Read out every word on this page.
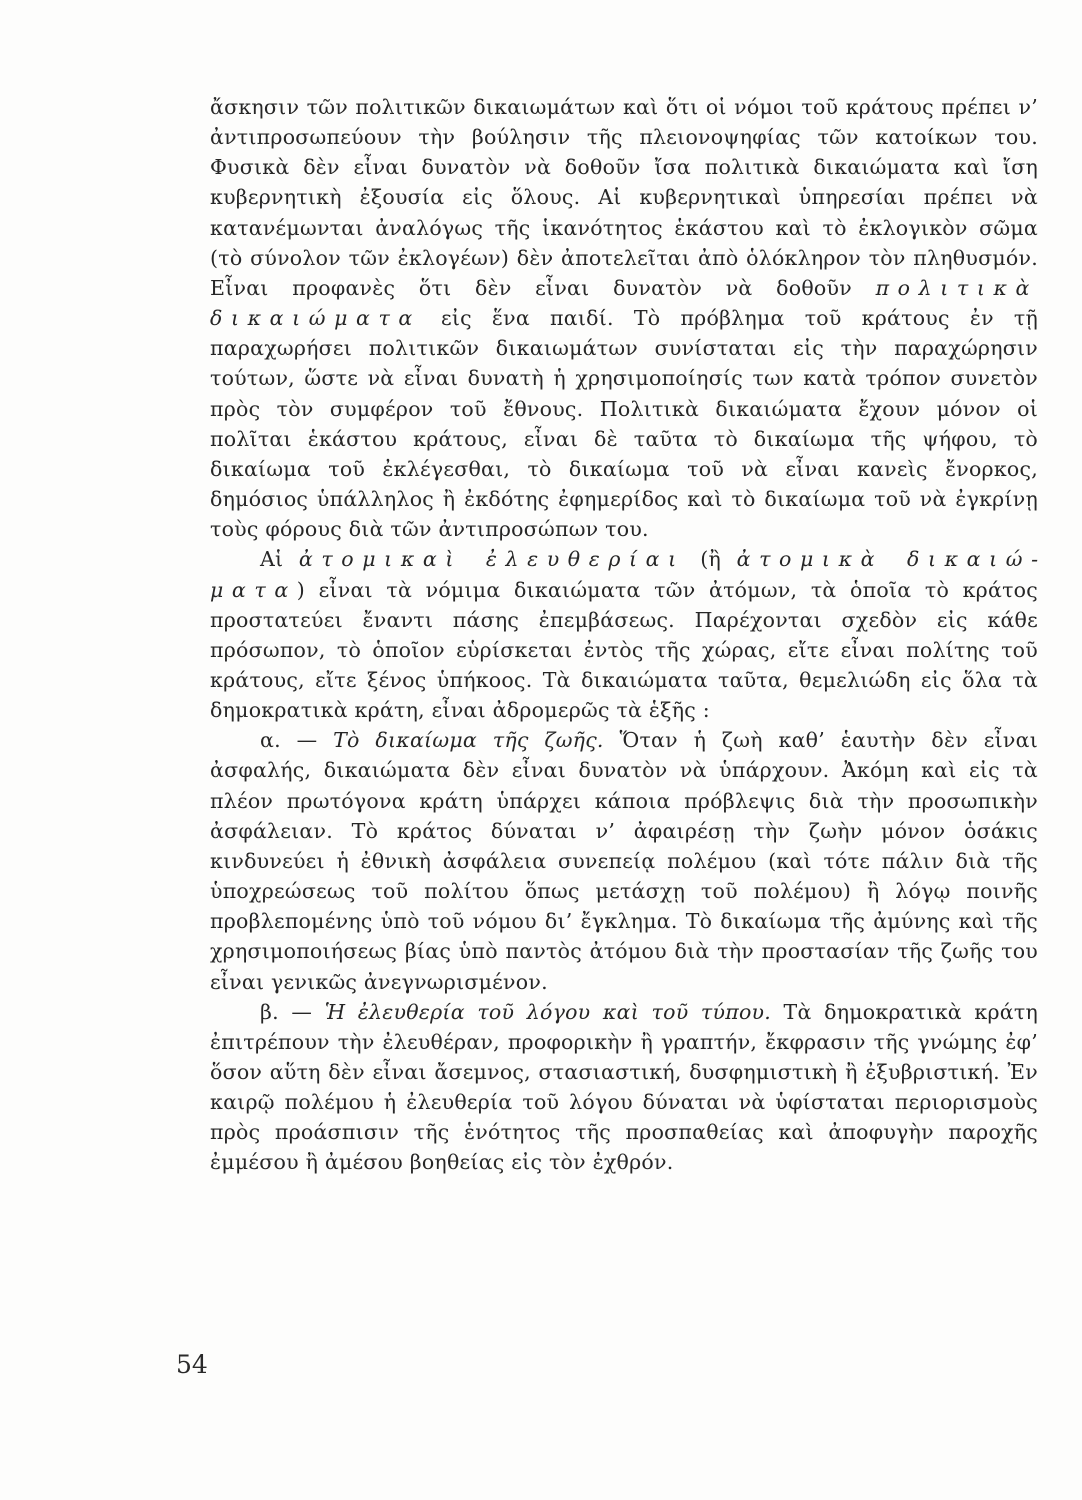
ἄσκησιν τῶν πολιτικῶν δικαιωμάτων καὶ ὅτι οἱ νόμοι τοῦ κράτους πρέπει ν’ ἀντιπροσωπεύουν τὴν βούλησιν τῆς πλειονοψηφίας τῶν κατοίκων του. Φυσικὰ δὲν εἶναι δυνατὸν νὰ δοθοῦν ἴσα πολιτικὰ δικαιώματα καὶ ἴση κυβερνητικὴ ἐξουσία εἰς ὅλους. Αἱ κυβερνητικαὶ ὑπηρεσίαι πρέπει νὰ κατανέμωνται ἀναλόγως τῆς ἱκανότητος ἑκάστου καὶ τὸ ἐκλογικὸν σῶμα (τὸ σύνολον τῶν ἐκλογέων) δὲν ἀποτελεῖται ἀπὸ ὁλόκληρον τὸν πληθυσμόν. Εἶναι προφανὲς ὅτι δὲν εἶναι δυνατὸν νὰ δοθοῦν πολιτικὰ δικαιώματα εἰς ἕνα παιδί. Τὸ πρόβλημα τοῦ κράτους ἐν τῇ παραχωρήσει πολιτικῶν δικαιωμάτων συνίσταται εἰς τὴν παραχώρησιν τούτων, ὥστε νὰ εἶναι δυνατὴ ἡ χρησιμοποίησίς των κατὰ τρόπον συνετὸν πρὸς τὸν συμφέρον τοῦ ἔθνους. Πολιτικὰ δικαιώματα ἔχουν μόνον οἱ πολῖται ἑκάστου κράτους, εἶναι δὲ ταῦτα τὸ δικαίωμα τῆς ψήφου, τὸ δικαίωμα τοῦ ἐκλέγεσθαι, τὸ δικαίωμα τοῦ νὰ εἶναι κανεὶς ἔνορκος, δημόσιος ὑπάλληλος ἢ ἐκδότης ἐφημερίδος καὶ τὸ δικαίωμα τοῦ νὰ ἐγκρίνῃ τοὺς φόρους διὰ τῶν ἀντιπροσώπων του.

Αἱ ἀτομικαὶ ἐλευθερίαι (ἢ ἀτομικὰ δικαιώματα) εἶναι τὰ νόμιμα δικαιώματα τῶν ἀτόμων, τὰ ὁποῖα τὸ κράτος προστατεύει ἔναντι πάσης ἐπεμβάσεως. Παρέχονται σχεδὸν εἰς κάθε πρόσωπον, τὸ ὁποῖον εὑρίσκεται ἐντὸς τῆς χώρας, εἴτε εἶναι πολίτης τοῦ κράτους, εἴτε ξένος ὑπήκοος. Τὰ δικαιώματα ταῦτα, θεμελιώδη εἰς ὅλα τὰ δημοκρατικὰ κράτη, εἶναι ἀδρομερῶς τὰ ἑξῆς :

α. — Τὸ δικαίωμα τῆς ζωῆς. Ὅταν ἡ ζωὴ καθ’ ἑαυτὴν δὲν εἶναι ἀσφαλής, δικαιώματα δὲν εἶναι δυνατὸν νὰ ὑπάρχουν. Ἀκόμη καὶ εἰς τὰ πλέον πρωτόγονα κράτη ὑπάρχει κάποια πρόβλεψις διὰ τὴν προσωπικὴν ἀσφάλειαν. Τὸ κράτος δύναται ν’ ἀφαιρέσῃ τὴν ζωὴν μόνον ὁσάκις κινδυνεύει ἡ ἐθνικὴ ἀσφάλεια συνεπείᾳ πολέμου (καὶ τότε πάλιν διὰ τῆς ὑποχρεώσεως τοῦ πολίτου ὅπως μετάσχῃ τοῦ πολέμου) ἢ λόγῳ ποινῆς προβλεπομένης ὑπὸ τοῦ νόμου δι’ ἔγκλημα. Τὸ δικαίωμα τῆς ἀμύνης καὶ τῆς χρησιμοποιήσεως βίας ὑπὸ παντὸς ἀτόμου διὰ τὴν προστασίαν τῆς ζωῆς του εἶναι γενικῶς ἀνεγνωρισμένον.

β. — Ἡ ἐλευθερία τοῦ λόγου καὶ τοῦ τύπου. Τὰ δημοκρατικὰ κράτη ἐπιτρέπουν τὴν ἐλευθέραν, προφορικὴν ἢ γραπτήν, ἔκφρασιν τῆς γνώμης ἐφ’ ὅσον αὕτη δὲν εἶναι ἄσεμνος, στασιαστική, δυσφημιστικὴ ἢ ἐξυβριστική. Ἐν καιρῷ πολέμου ἡ ἐλευθερία τοῦ λόγου δύναται νὰ ὑφίσταται περιορισμοὺς πρὸς προάσπισιν τῆς ἑνότητος τῆς προσπαθείας καὶ ἀποφυγὴν παροχῆς ἐμμέσου ἢ ἀμέσου βοηθείας εἰς τὸν ἐχθρόν.

54
